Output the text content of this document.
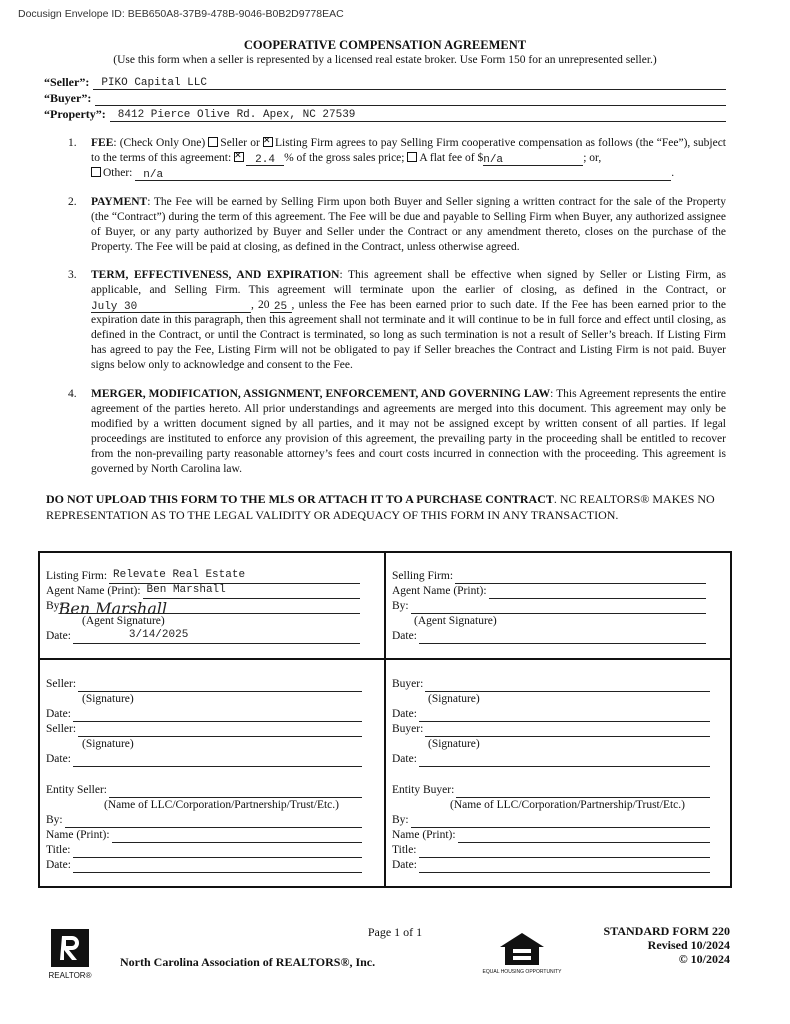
Docusign Envelope ID: BEB650A8-37B9-478B-9046-B0B2D9778EAC
COOPERATIVE COMPENSATION AGREEMENT
(Use this form when a seller is represented by a licensed real estate broker. Use Form 150 for an unrepresented seller.)
“Seller”: PIKO Capital LLC
“Buyer”:
“Property”: 8412 Pierce Olive Rd. Apex, NC 27539
1. FEE: (Check Only One) Seller or ✕ Listing Firm agrees to pay Selling Firm cooperative compensation as follows (the “Fee”), subject to the terms of this agreement: ✕ 2.4 % of the gross sales price; A flat fee of $n/a	; or,
Other: n/a	.
2. PAYMENT: The Fee will be earned by Selling Firm upon both Buyer and Seller signing a written contract for the sale of the Property (the “Contract”) during the term of this agreement. The Fee will be due and payable to Selling Firm when Buyer, any authorized assignee of Buyer, or any party authorized by Buyer and Seller under the Contract or any amendment thereto, closes on the purchase of the Property. The Fee will be paid at closing, as defined in the Contract, unless otherwise agreed.
3. TERM, EFFECTIVENESS, AND EXPIRATION: This agreement shall be effective when signed by Seller or Listing Firm, as applicable, and Selling Firm. This agreement will terminate upon the earlier of closing, as defined in the Contract, or July 30	, 20 25 , unless the Fee has been earned prior to such date. If the Fee has been earned prior to the expiration date in this paragraph, then this agreement shall not terminate and it will continue to be in full force and effect until closing, as defined in the Contract, or until the Contract is terminated, so long as such termination is not a result of Seller’s breach. If Listing Firm has agreed to pay the Fee, Listing Firm will not be obligated to pay if Seller breaches the Contract and Listing Firm is not paid. Buyer signs below only to acknowledge and consent to the Fee.
4. MERGER, MODIFICATION, ASSIGNMENT, ENFORCEMENT, AND GOVERNING LAW: This Agreement represents the entire agreement of the parties hereto. All prior understandings and agreements are merged into this document. This agreement may only be modified by a written document signed by all parties, and it may not be assigned except by written consent of all parties. If legal proceedings are instituted to enforce any provision of this agreement, the prevailing party in the proceeding shall be entitled to recover from the non-prevailing party reasonable attorney’s fees and court costs incurred in connection with the proceeding. This agreement is governed by North Carolina law.
DO NOT UPLOAD THIS FORM TO THE MLS OR ATTACH IT TO A PURCHASE CONTRACT. NC REALTORS® MAKES NO REPRESENTATION AS TO THE LEGAL VALIDITY OR ADEQUACY OF THIS FORM IN ANY TRANSACTION.
Listing Firm: Relevate Real Estate
Agent Name (Print): Ben Marshall
By:
Ben Marshall
(Agent Signature)
Date:	3/14/2025
Selling Firm:
Agent Name (Print):
By:
(Agent Signature)
Date:
Seller:
(Signature)
Date:
Seller:
(Signature)
Date:
Entity Seller:
(Name of LLC/Corporation/Partnership/Trust/Etc.)
By:
Name (Print):
Title:
Date:
Buyer:
(Signature)
Date:
Buyer:
(Signature)
Date:
Entity Buyer:
(Name of LLC/Corporation/Partnership/Trust/Etc.)
By:
Name (Print):
Title:
Date:
Page 1 of 1
North Carolina Association of REALTORS®, Inc.
STANDARD FORM 220
Revised 10/2024
© 10/2024
REALTOR®	EQUAL HOUSING OPPORTUNITY
